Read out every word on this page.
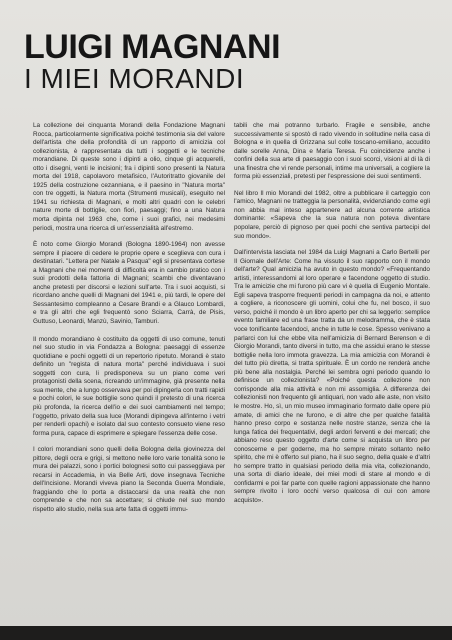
LUIGI MAGNANI
I MIEI MORANDI

La collezione dei cinquanta Morandi della Fondazione Magnani Rocca, particolarmente significativa poiché testimonia sia del valore dell'artista che della profondità di un rapporto di amicizia col collezionista, è rappresentata da tutti i soggetti e le tecniche morandiane. Di queste sono i dipinti a olio, cinque gli acquerelli, otto i disegni, venti le incisioni; fra i dipinti sono presenti la Natura morta del 1918, capolavoro metafisico, l'Autoritratto giovanile del 1925 della costruzione cezanniana, e il paesino in "Natura morta" con tre oggetti, la Natura morta (Strumenti musicali), eseguito nel 1941 su richiesta di Magnani, e molti altri quadri con le celebri nature morte di bottiglie, con fiori, paesaggi; fino a una Natura morta dipinta nel 1963 che, come i suoi grafici, nei medesimi periodi, mostra una ricerca di un'essenzialità all'estremo.

È noto come Giorgio Morandi (Bologna 1890-1964) non avesse sempre il piacere di cedere le proprie opere e sceglieva con cura i destinatari. "Lettera per Natale a Pasqua" egli si presentava cortese a Magnani che nei momenti di difficoltà era in cambio pratico con i suoi prodotti della fattoria di Magnani; scambi che diventavano anche pretesti per discorsi e lezioni sull'arte. Tra i suoi acquisti, si ricordano anche quelli di Magnani del 1941 e, più tardi, le opere del Sessantesimo compleanno a Cesare Brandi e a Glauco Lombardi, e tra gli altri che egli frequentò sono Sciarra, Carrà, de Pisis, Guttuso, Leonardi, Manzù, Savinio, Tamburi.

Il mondo morandiano è costituito da oggetti di uso comune, tenuti nel suo studio in via Fondazza a Bologna: paesaggi di essenze quotidiane e pochi oggetti di un repertorio ripetuto. Morandi è stato definito un "regista di natura morta" perché individuava i suoi soggetti con cura, li predisponeva su un piano come veri protagonisti della scena, ricreando un'immagine, già presente nella sua mente, che a lungo osservava per poi dipingerla con tratti rapidi e pochi colori, le sue bottiglie sono quindi il pretesto di una ricerca più profonda, la ricerca dell'io e dei suoi cambiamenti nel tempo; l'oggetto, privato della sua luce (Morandi dipingeva all'interno i vetri per renderli opachi) e isolato dal suo contesto consueto viene reso forma pura, capace di esprimere e spiegare l'essenza delle cose.

I colori morandiani sono quelli della Bologna della giovinezza del pittore, degli ocra e grigi, si mettono nelle loro varie tonalità sono le mura dei palazzi, sono i portici bolognesi sotto cui passeggiava per recarsi in Accademia, in via Belle Arti, dove insegnava Tecniche dell'Incisione. Morandi viveva piano la Seconda Guerra Mondiale, fraggiando che lo porta a distaccarsi da una realtà che non comprende e che non sa accettare; si chiude nel suo mondo rispetto allo studio, nella sua arte fatta di oggetti immu-

tabili che mai potranno turbarlo. Fragile e sensibile, anche successivamente si spostò di rado vivendo in solitudine nella casa di Bologna e in quella di Grizzana sul colle toscano-emiliano, accudito dalle sorelle Anna, Dina e Maria Teresa. Fu coincidenze anche i confini della sua arte di paesaggio con i suoi scorci, visioni al di là di una finestra che vi rende personali, intime ma universali, a cogliere la forma più essenziali, pretesti per l'espressione dei suoi sentimenti.

Nel libro Il mio Morandi del 1982, oltre a pubblicare il carteggio con l'amico, Magnani ne tratteggia la personalità, evidenziando come egli non abbia mai inteso appartenere ad alcuna corrente artistica dominante: «Sapeva che la sua natura non poteva diventare popolare, perciò di pignoso per quei pochi che sentiva partecipi del suo mondo».

Dall'intervista lasciata nel 1984 da Luigi Magnani a Carlo Bertelli per Il Giornale dell'Arte: Come ha vissuto il suo rapporto con il mondo dell'arte? Qual amicizia ha avuto in questo mondo? «Frequentando artisti, interessandomi al loro operare e facendone oggetto di studio. Tra le amicizie che mi furono più care vi è quella di Eugenio Montale. Egli sapeva trasporre frequenti periodi in campagna da noi, e attento a cogliere, a riconoscere gli uomini, colui che fu, nel bosco, il suo verso, poiché il mondo è un libro aperto per chi sa leggerlo: semplice evento familiare ed una frase tratta da un melodramma, che è stata voce tonificante facendoci, anche in tutte le cose. Spesso venivano a parlarci con lui che ebbe vita nell'amicizia di Bernard Berenson e di Giorgio Morandi, tanto diversi in tutto, ma che assidui erano le stesse bottiglie nella loro immota gravezza. La mia amicizia con Morandi è del tutto più diretta, si tratta spirituale. È un cordo ne renderà anche più bene alla nostalgia. Perché lei sembra ogni periodo quando lo definisce un collezionista? «Poiché questa collezione non corrisponde alla mia attività e non mi assomiglia. A differenza dei collezionisti non frequento gli antiquari, non vado alle aste, non visito le mostre. Ho, sì, un mio museo immaginario formato dalle opere più amate, di amici che ne furono, e di altre che per qualche fatalità hanno preso corpo e sostanza nelle nostre stanze, senza che la lunga fatica dei frequentativi, degli ardori ferventi e dei mercati; che abbiano reso questo oggetto d'arte come si acquista un libro per conoscerne e per goderne, ma ho sempre mirato soltanto nello spirito, che mi è offerto sul piano, ha il suo segno, della quale e d'altri ho sempre tratto in qualsiasi periodo della mia vita, collezionando, una sorta di diario ideale, dei miei modi di stare al mondo e di confidarmi e poi far parte con quelle ragioni appassionate che hanno sempre rivolto i loro occhi verso qualcosa di cui con amore acquisto».
